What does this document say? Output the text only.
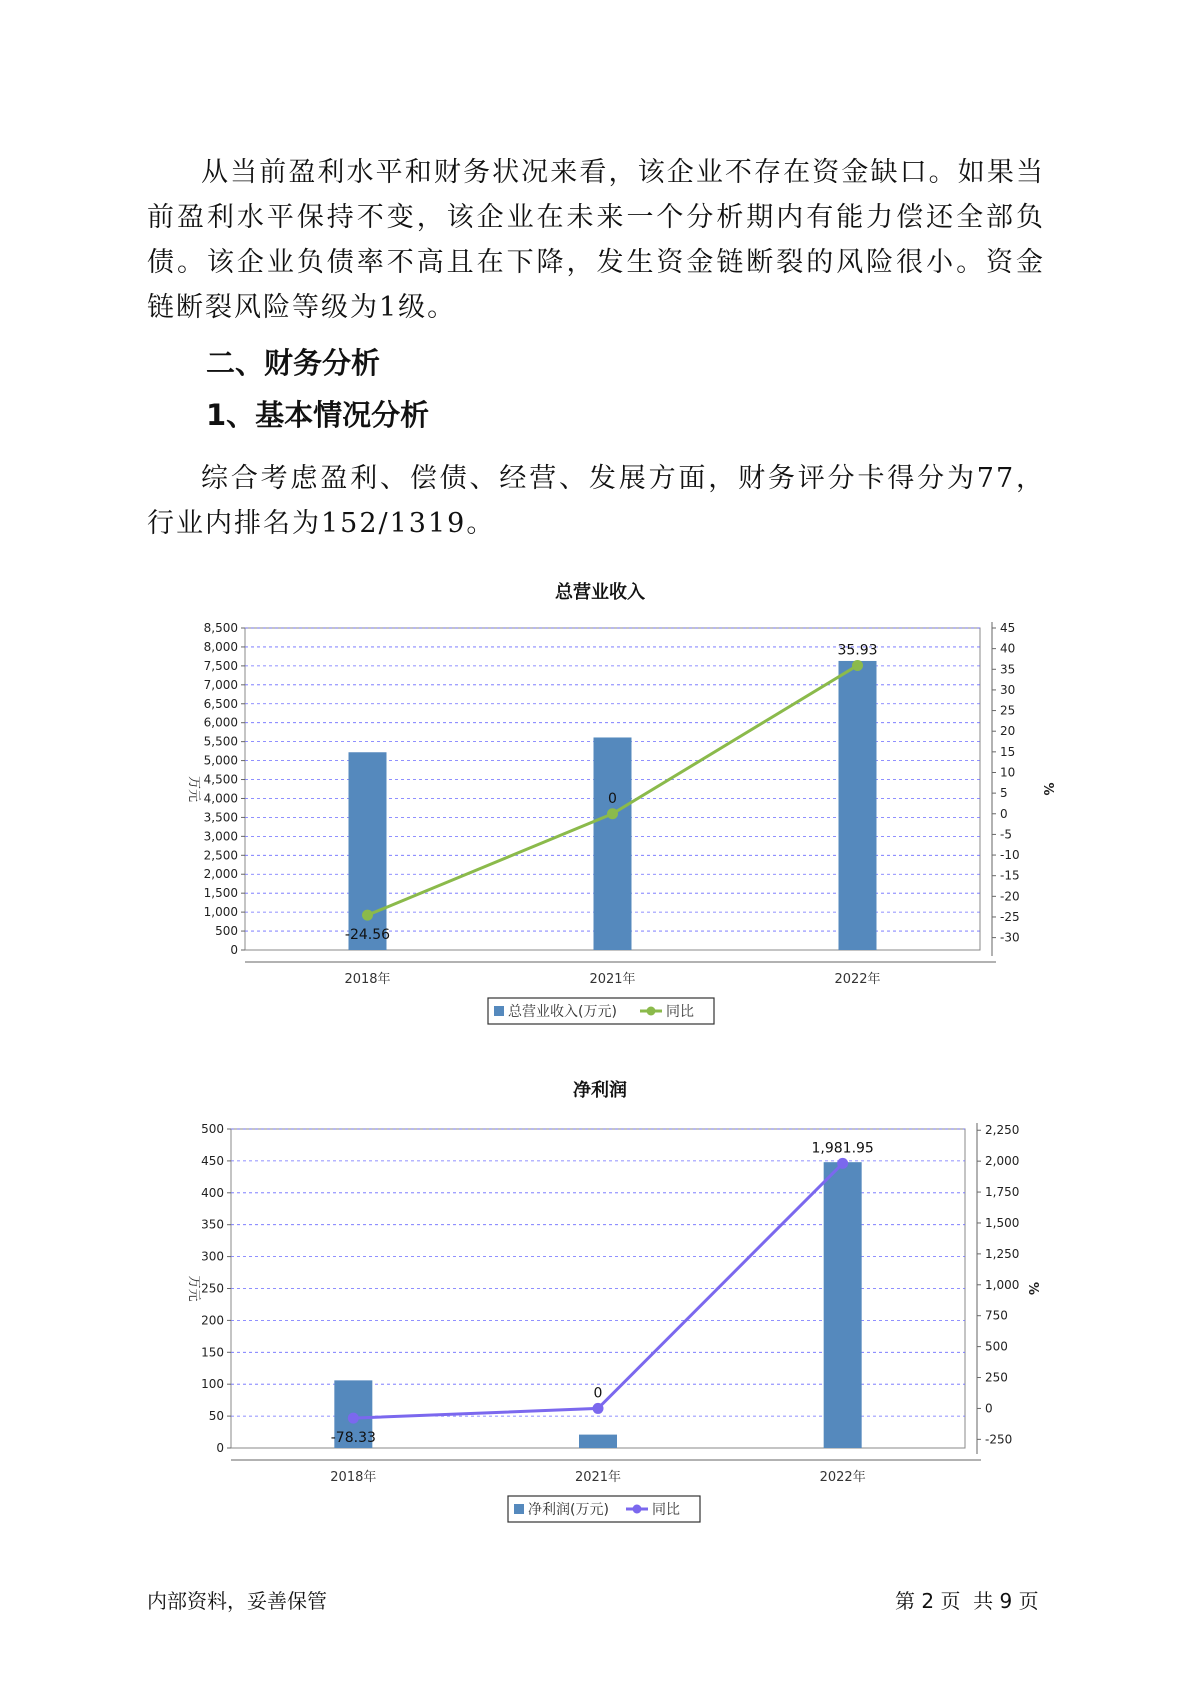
从当前盈利水平和财务状况来看，该企业不存在资金缺口。如果当前盈利水平保持不变，该企业在未来一个分析期内有能力偿还全部负债。该企业负债率不高且在下降，发生资金链断裂的风险很小。资金链断裂风险等级为1级。

二、财务分析
1、基本情况分析

综合考虑盈利、偿债、经营、发展方面，财务评分卡得分为77，行业内排名为152/1319。

总营业收入
0
500
1,000
1,500
2,000
2,500
3,000
3,500
4,000
4,500
5,000
5,500
6,000
6,500
7,000
7,500
8,000
8,500
-30
-25
-20
-15
-10
-5
0
5
10
15
20
25
30
35
40
45
万元	%
2018年	2021年	2022年
-24.56
0
35.93
总营业收入(万元)	同比
净利润
0
50
100
150
200
250
300
350
400
450
500
-250
0
250
500
750
1,000
1,250
1,500
1,750
2,000
2,250
万元	%
2018年	2021年	2022年
-78.33
0
1,981.95
净利润(万元)	同比
内部资料，妥善保管	第 2 页  共 9 页
